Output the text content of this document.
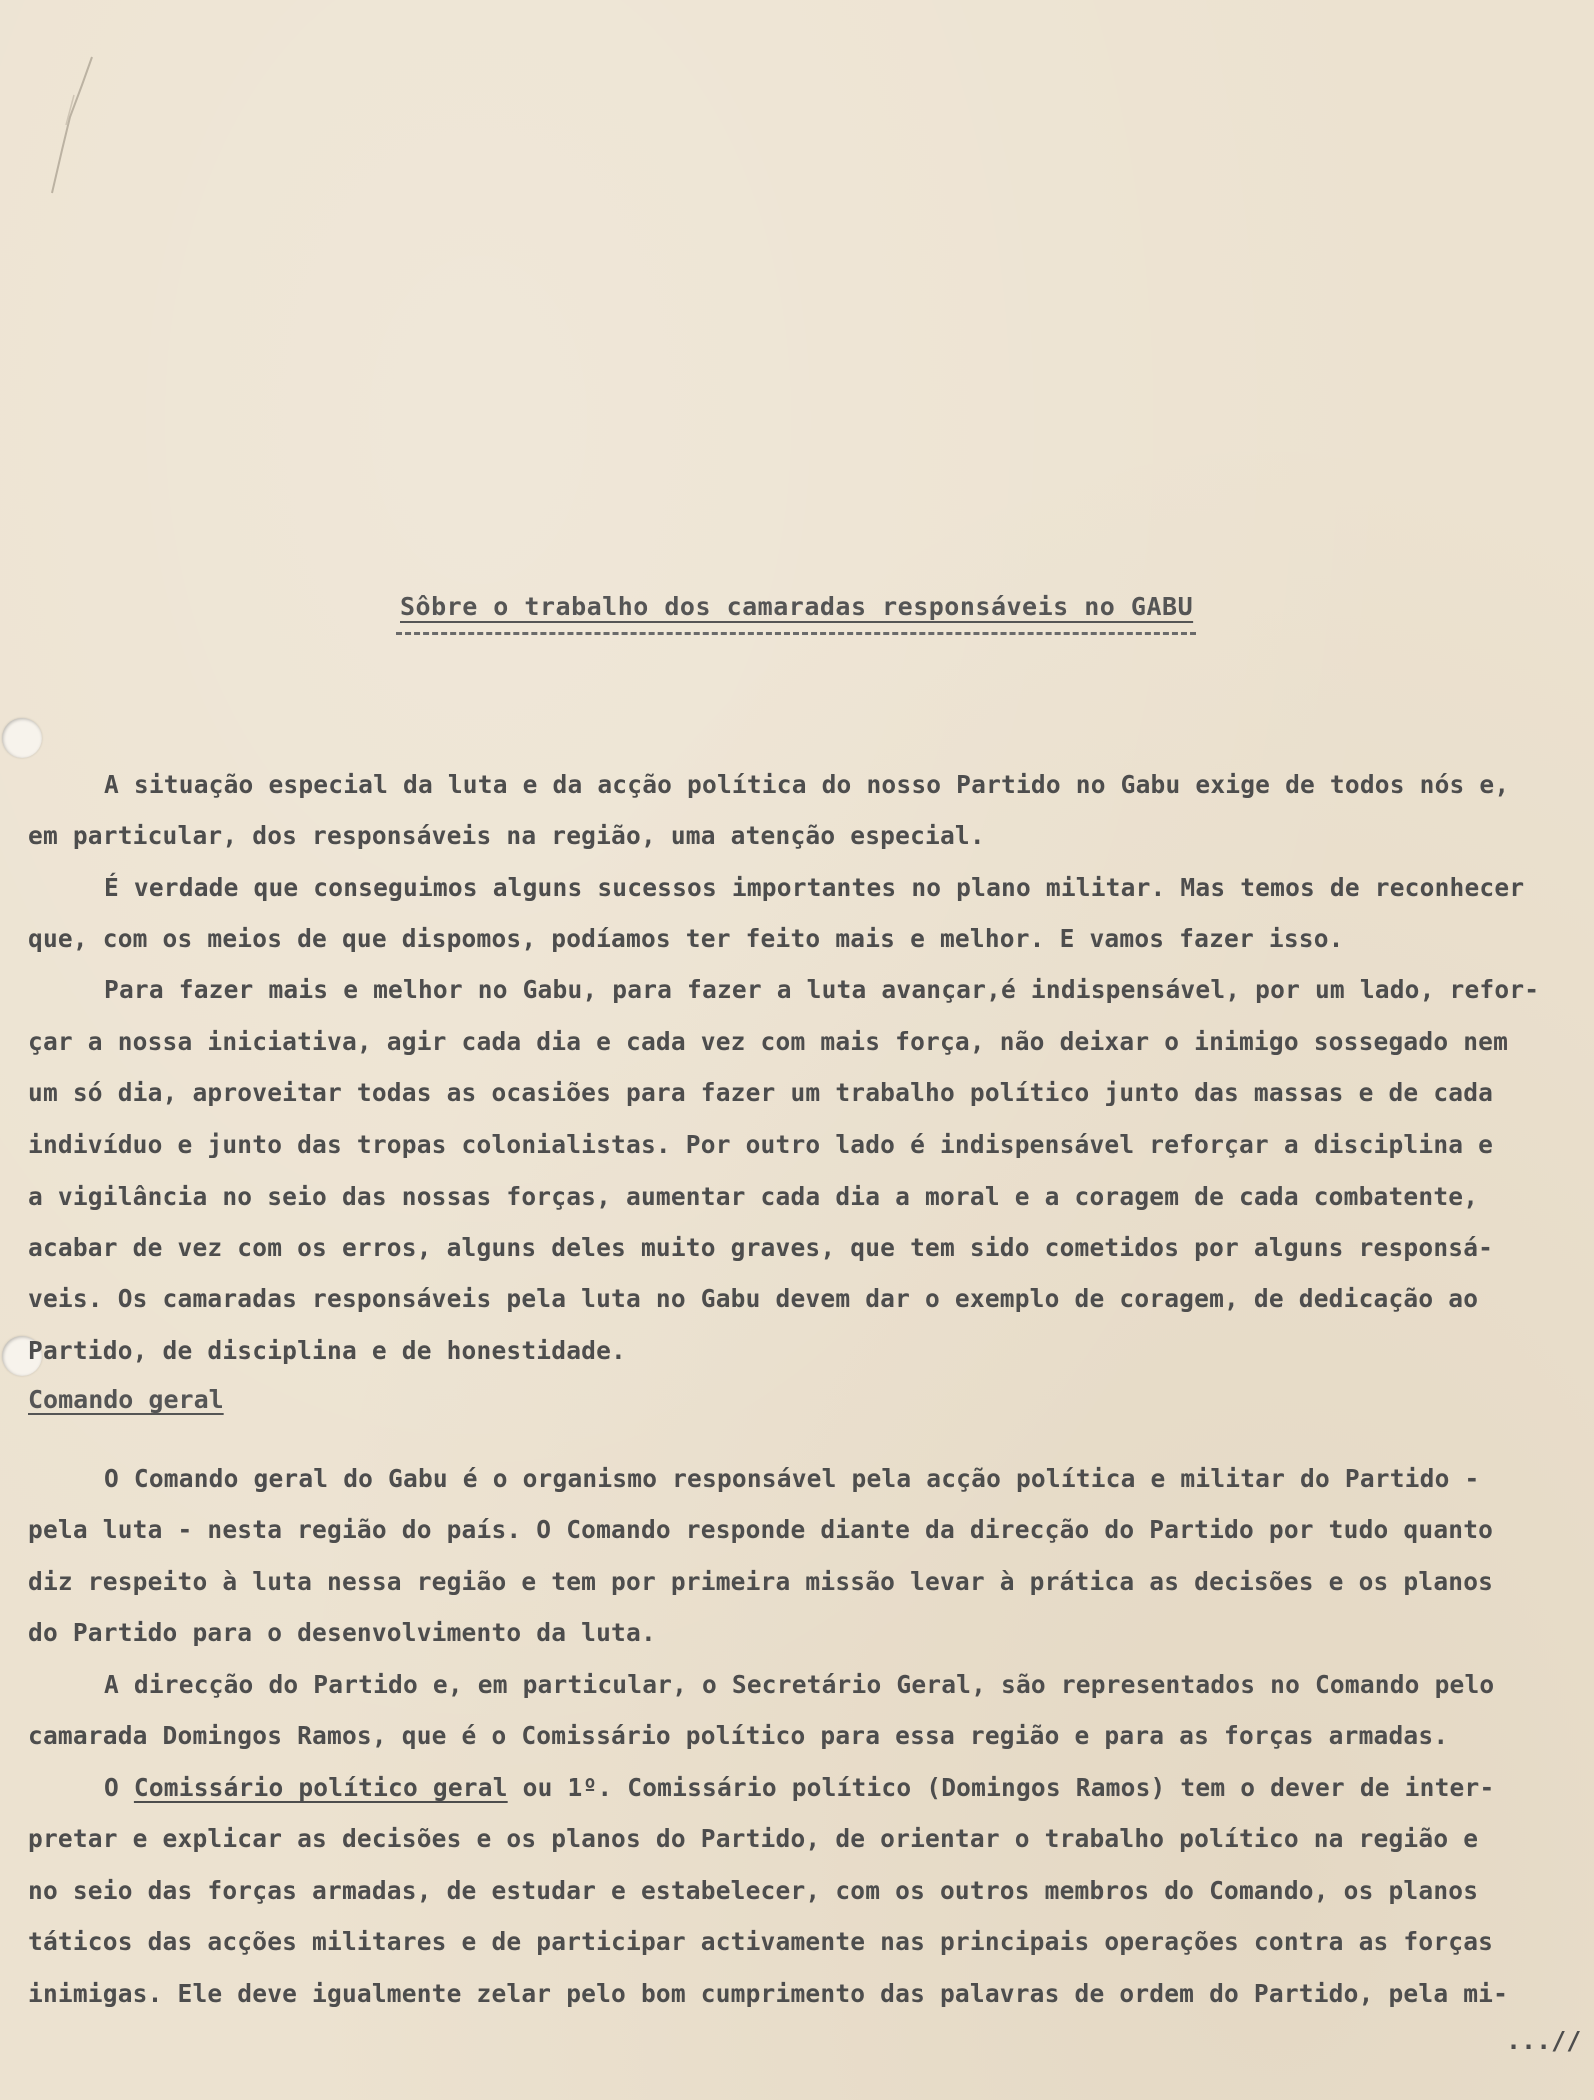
Sôbre o trabalho dos camaradas responsáveis no GABU
A situação especial da luta e da acção política do nosso Partido no Gabu exige de todos nós e,
em particular, dos responsáveis na região, uma atenção especial.
É verdade que conseguimos alguns sucessos importantes no plano militar. Mas temos de reconhecer
que, com os meios de que dispomos, podíamos ter feito mais e melhor. E vamos fazer isso.
Para fazer mais e melhor no Gabu, para fazer a luta avançar,é indispensável, por um lado, refor-
çar a nossa iniciativa, agir cada dia e cada vez com mais força, não deixar o inimigo sossegado nem
um só dia, aproveitar todas as ocasiões para fazer um trabalho político junto das massas e de cada
indivíduo e junto das tropas colonialistas. Por outro lado é indispensável reforçar a disciplina e
a vigilância no seio das nossas forças, aumentar cada dia a moral e a coragem de cada combatente,
acabar de vez com os erros, alguns deles muito graves, que tem sido cometidos por alguns responsá-
veis. Os camaradas responsáveis pela luta no Gabu devem dar o exemplo de coragem, de dedicação ao
Partido, de disciplina e de honestidade.
Comando geral
O Comando geral do Gabu é o organismo responsável pela acção política e militar do Partido -
pela luta - nesta região do país. O Comando responde diante da direcção do Partido por tudo quanto
diz respeito à luta nessa região e tem por primeira missão levar à prática as decisões e os planos
do Partido para o desenvolvimento da luta.
A direcção do Partido e, em particular, o Secretário Geral, são representados no Comando pelo
camarada Domingos Ramos, que é o Comissário político para essa região e para as forças armadas.
O Comissário político geral ou 1º. Comissário político (Domingos Ramos) tem o dever de inter-
pretar e explicar as decisões e os planos do Partido, de orientar o trabalho político na região e
no seio das forças armadas, de estudar e estabelecer, com os outros membros do Comando, os planos
táticos das acções militares e de participar activamente nas principais operações contra as forças
inimigas. Ele deve igualmente zelar pelo bom cumprimento das palavras de ordem do Partido, pela mi-
...//
